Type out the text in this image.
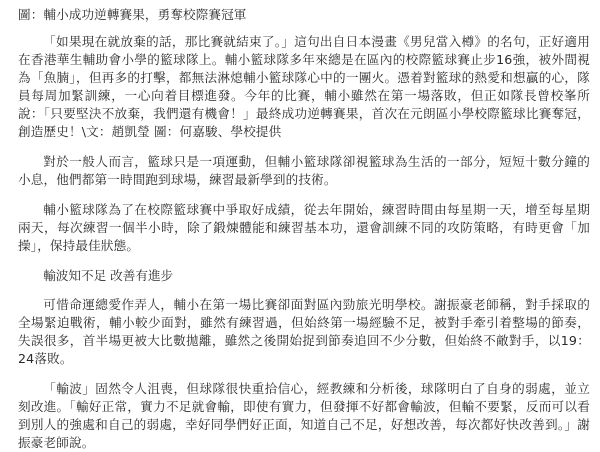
圖：輔小成功逆轉賽果，勇奪校際賽冠軍

「如果現在就放棄的話，那比賽就結束了。」這句出自日本漫畫《男兒當入樽》的名句，正好適用在香港華生輔助會小學的籃球隊上。輔小籃球隊多年來總是在區內的校際籃球賽止步16強，被外間視為「魚腩」，但再多的打擊，都無法淋熄輔小籃球隊心中的一團火。憑着對籃球的熱愛和想贏的心，隊員每周加緊訓練，一心向着目標進發。今年的比賽，輔小雖然在第一場落敗，但正如隊長曾校峯所說：「只要堅決不放棄，我們還有機會！」最終成功逆轉賽果，首次在元朗區小學校際籃球比賽奪冠，創造歷史！\文：趙凱瑩 圖：何嘉駿、學校提供

對於一般人而言，籃球只是一項運動，但輔小籃球隊卻視籃球為生活的一部分，短短十數分鐘的小息，他們都第一時間跑到球場，練習最新學到的技術。

輔小籃球隊為了在校際籃球賽中爭取好成績，從去年開始，練習時間由每星期一天，增至每星期兩天，每次練習一個半小時，除了鍛煉體能和練習基本功，還會訓練不同的攻防策略，有時更會「加操」，保持最佳狀態。

輸波知不足 改善有進步

可惜命運總愛作弄人，輔小在第一場比賽卻面對區內勁旅光明學校。謝振豪老師稱，對手採取的全場緊迫戰術，輔小較少面對，雖然有練習過，但始終第一場經驗不足，被對手牽引着整場的節奏，失誤很多，首半場更被大比數拋離，雖然之後開始捉到節奏追回不少分數，但始終不敵對手，以19：24落敗。

「輸波」固然令人沮喪，但球隊很快重拾信心，經教練和分析後，球隊明白了自身的弱處，並立刻改進。「輸好正常，實力不足就會輸，即使有實力，但發揮不好都會輸波，但輸不要緊，反而可以看到別人的強處和自己的弱處，幸好同學們好正面，知道自己不足，好想改善，每次都好快改善到。」謝振豪老師說。
